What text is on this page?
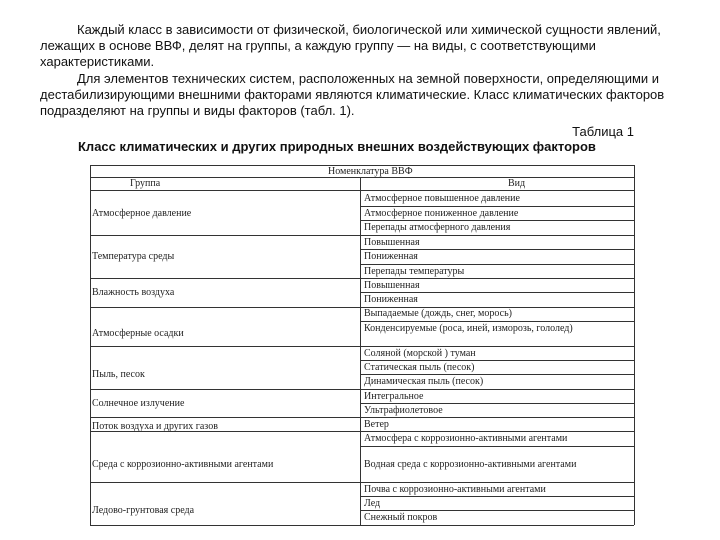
Каждый класс в зависимости от физической, биологической или химической сущности явлений, лежащих в основе ВВФ, делят на группы, а каждую группу — на виды, с соответствующими характеристиками.

Для элементов технических систем, расположенных на земной поверхности, определяющими и дестабилизирующими внешними факторами являются климатические. Класс климатических факторов подразделяют на группы и виды факторов (табл. 1).

Таблица 1
Класс климатических и других природных внешних воздействующих факторов
Номенклатура ВВФ
Группа	Вид
Атмосферное давление
Температура среды
Влажность воздуха
Атмосферные осадки
Пыль, песок
Солнечное излучение
Поток воздуха и других газов
Среда с коррозионно-активными агентами
Ледово-грунтовая среда
Атмосферное повышенное давление
Атмосферное пониженное давление
Перепады атмосферного давления
Повышенная
Пониженная
Перепады температуры
Повышенная
Пониженная
Выпадаемые (дождь, снег, морось)
Конденсируемые (роса, иней, изморозь, гололед)
Соляной (морской ) туман
Статическая пыль (песок)
Динамическая пыль (песок)
Интегральное
Ультрафиолетовое
Ветер
Атмосфера с коррозионно-активными агентами
Водная среда с коррозионно-активными агентами
Почва с коррозионно-активными агентами
Лед
Снежный покров
